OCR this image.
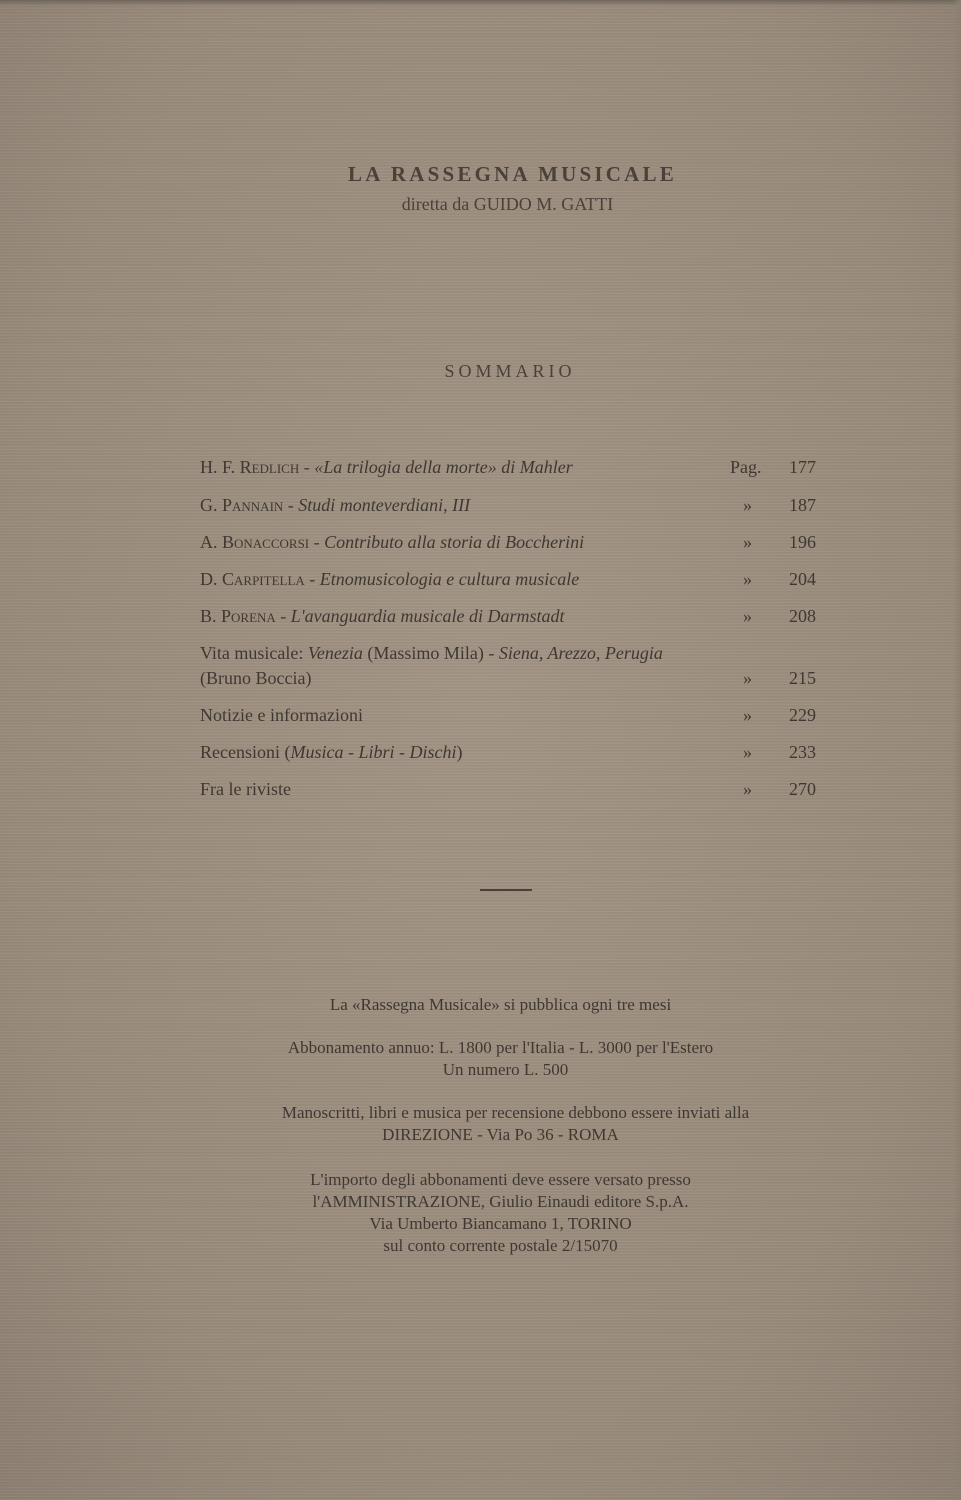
LA RASSEGNA MUSICALE
diretta da GUIDO M. GATTI
SOMMARIO
H. F. Redlich - «La trilogia della morte» di Mahler	Pag. 177
G. Pannain - Studi monteverdiani, III	» 187
A. Bonaccorsi - Contributo alla storia di Boccherini	» 196
D. Carpitella - Etnomusicologia e cultura musicale	» 204
B. Porena - L'avanguardia musicale di Darmstadt	» 208
Vita musicale: Venezia (Massimo Mila) - Siena, Arezzo, Perugia
(Bruno Boccia)	» 215
Notizie e informazioni	» 229
Recensioni (Musica - Libri - Dischi)	» 233
Fra le riviste	» 270
La «Rassegna Musicale» si pubblica ogni tre mesi
Abbonamento annuo: L. 1800 per l'Italia - L. 3000 per l'Estero
Un numero L. 500
Manoscritti, libri e musica per recensione debbono essere inviati alla
DIREZIONE - Via Po 36 - ROMA
L'importo degli abbonamenti deve essere versato presso
l'AMMINISTRAZIONE, Giulio Einaudi editore S.p.A.
Via Umberto Biancamano 1, TORINO
sul conto corrente postale 2/15070
